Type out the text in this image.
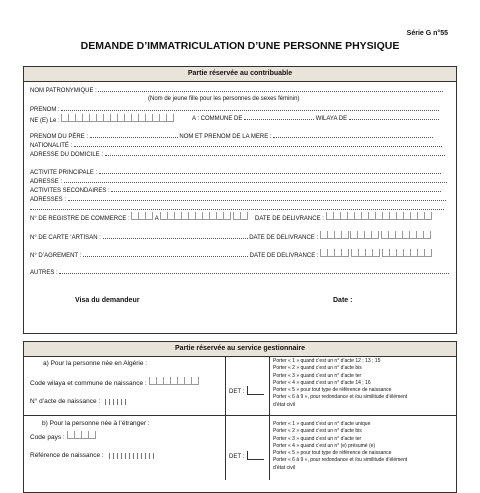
Série G n°55
DEMANDE D’IMMATRICULATION D’UNE PERSONNE PHYSIQUE
Partie réservée au contribuable
NOM PATRONYMIQUE :
(Nom de jeune fille pour les personnes de sexes féminin)
PRENOM :
NE (E) Le :	A : COMMUNE DE	WILAYA DE
PRENOM DU PÈRE :	NOM ET PRENOM DE LA MERE :
NATIONALITÉ :
ADRESSE DU DOMICILE :
ACTIVITE PRINCIPALE :
ADRESSE :
ACTIVITES SECONDAIRES :
ADRESSES :
N° DE REGISTRE DE COMMERCE :	A	DATE DE DELIVRANCE :
N° DE CARTE ‘ARTISAN :	DATE DE DELIVRANCE :
N° D’AGREMENT :	DATE DE DELIVRANCE :
AUTRES :
Visa du demandeur	Date :
Partie réservée au service gestionnaire
a) Pour la personne née en Algérie :
Code wilaya et commune de naissance :
N° d’acte de naissance :
DET :
Porter « 1 » quand c’est un n° d’acte 12 ; 13 ; 15
Porter « 2 » quand c’est un n° d’acte bis
Porter « 3 » quand c’est un n° d’acte ter
Porter « 4 » quand c’est un n° d’acte 14 ; 16
Porter « 5 » pour tout type de référence de naissance
Porter « 6 à 9 », pour redondance et /ou similitude d’élément
d’état civil
b) Pour la personne née à l’étranger :
Code pays :
Référence de naissance :	DET :
Porter « 1 » quand c’est un n° d’acte unique
Porter « 2 » quand c’est un n° d’acte bis
Porter « 3 » quand c’est un n° d’acte ter
Porter « 4 » quand c’est un n° (e) présumé (e)
Porter « 5 » pour tout type de référence de naissance
Porter « 6 à 9 », pour redondance et /ou similitude d’élément
d’état civil
